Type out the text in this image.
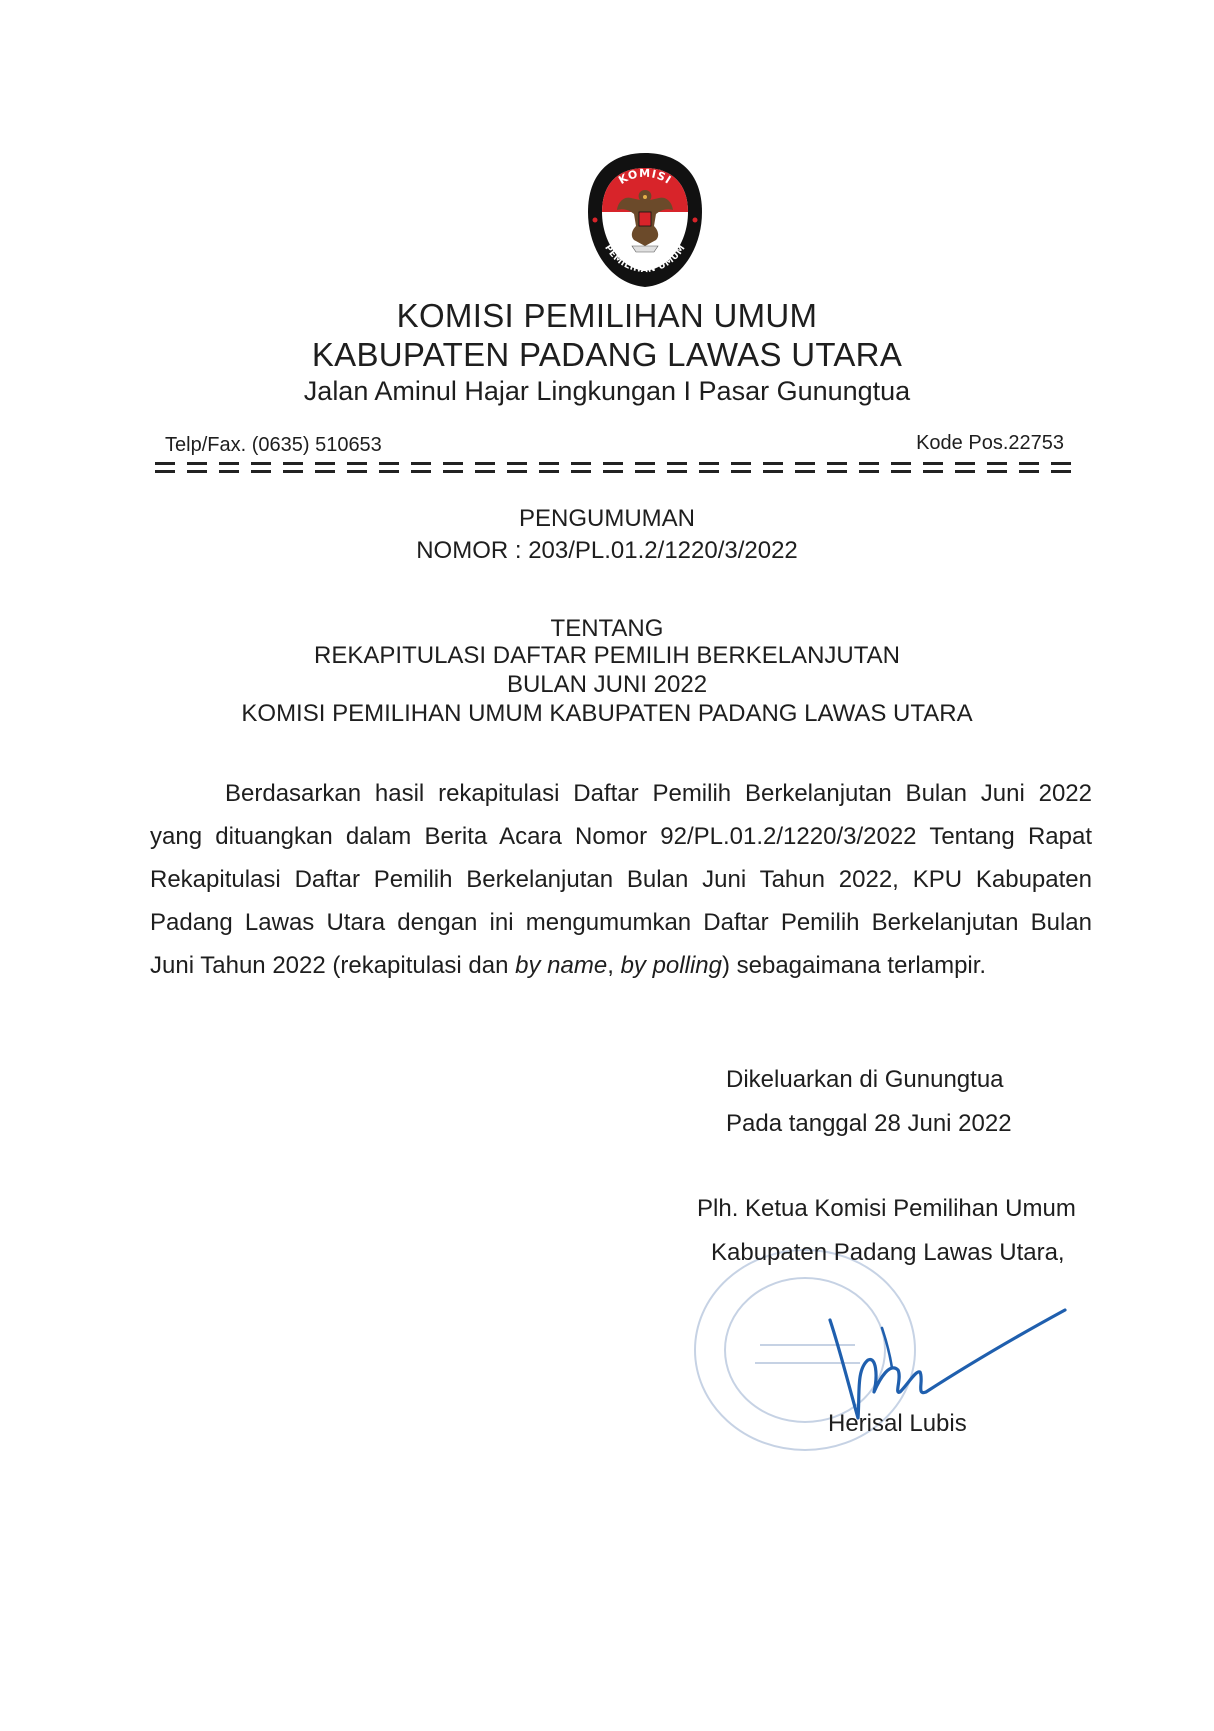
KOMISI
PEMILIHAN UMUM
KOMISI PEMILIHAN UMUM
KABUPATEN PADANG LAWAS UTARA
Jalan Aminul Hajar Lingkungan I Pasar Gunungtua
Telp/Fax. (0635) 510653	Kode Pos.22753
PENGUMUMAN
NOMOR : 203/PL.01.2/1220/3/2022
TENTANG
REKAPITULASI DAFTAR PEMILIH BERKELANJUTAN
BULAN JUNI 2022
KOMISI PEMILIHAN UMUM KABUPATEN PADANG LAWAS UTARA
Berdasarkan hasil rekapitulasi Daftar Pemilih Berkelanjutan Bulan Juni 2022 yang dituangkan dalam Berita Acara Nomor 92/PL.01.2/1220/3/2022 Tentang Rapat Rekapitulasi Daftar Pemilih Berkelanjutan Bulan Juni Tahun 2022, KPU Kabupaten Padang Lawas Utara dengan ini mengumumkan Daftar Pemilih Berkelanjutan Bulan Juni Tahun 2022 (rekapitulasi dan by name, by polling) sebagaimana terlampir.
Dikeluarkan di Gunungtua
Pada tanggal 28 Juni 2022
Plh. Ketua Komisi Pemilihan Umum
Kabupaten Padang Lawas Utara,
Herisal Lubis
